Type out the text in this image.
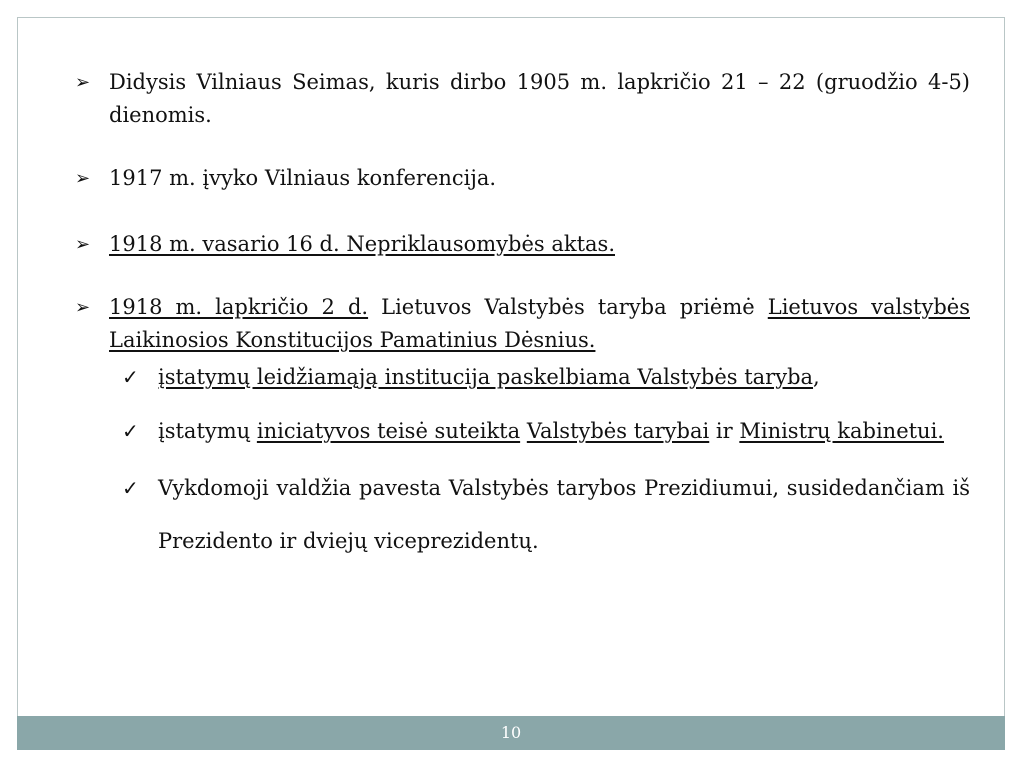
➢ Didysis Vilniaus Seimas, kuris dirbo 1905 m. lapkričio 21 – 22 (gruodžio 4-5) dienomis.
➢ 1917 m. įvyko Vilniaus konferencija.
➢ 1918 m. vasario 16 d. Nepriklausomybės aktas.
➢ 1918 m. lapkričio 2 d. Lietuvos Valstybės taryba priėmė Lietuvos valstybės Laikinosios Konstitucijos Pamatinius Dėsnius.
✓ įstatymų leidžiamąją institucija paskelbiama Valstybės taryba,
✓ įstatymų iniciatyvos teisė suteikta Valstybės tarybai ir Ministrų kabinetui.
✓ Vykdomoji valdžia pavesta Valstybės tarybos Prezidiumui, susidedančiam iš Prezidento ir dviejų viceprezidentų.
10
